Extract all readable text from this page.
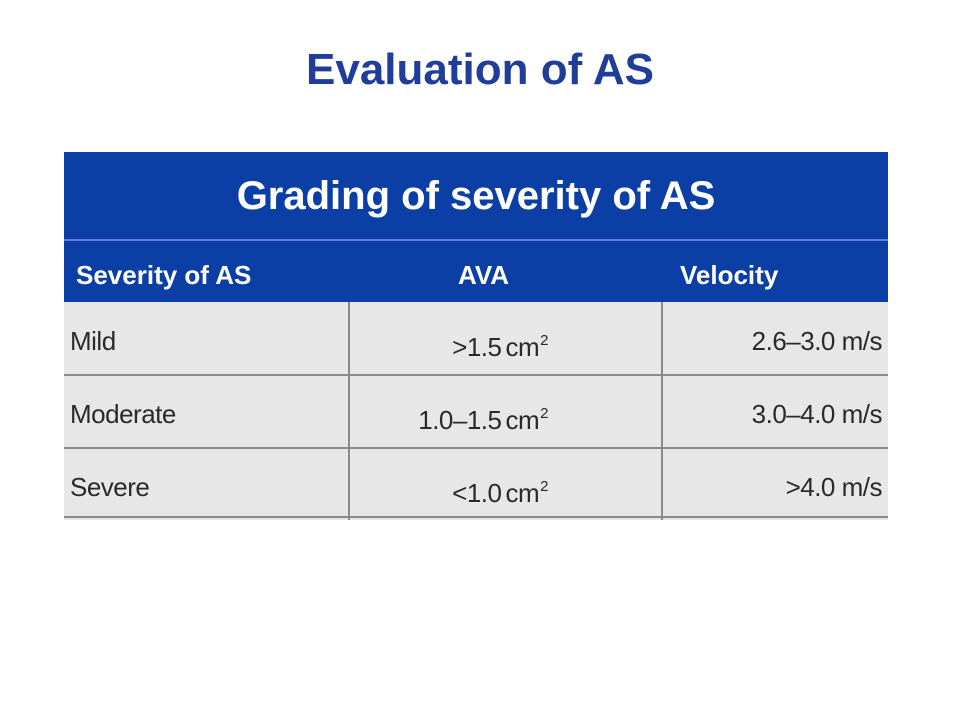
Evaluation of AS
Grading of severity of AS
Severity of AS	AVA	Velocity
Mild	>1.5 $cm^2$	2.6–3.0 m/s
Moderate	1.0–1.5 $cm^2$	3.0–4.0 m/s
Severe	<1.0 $cm^2$	>4.0 m/s
